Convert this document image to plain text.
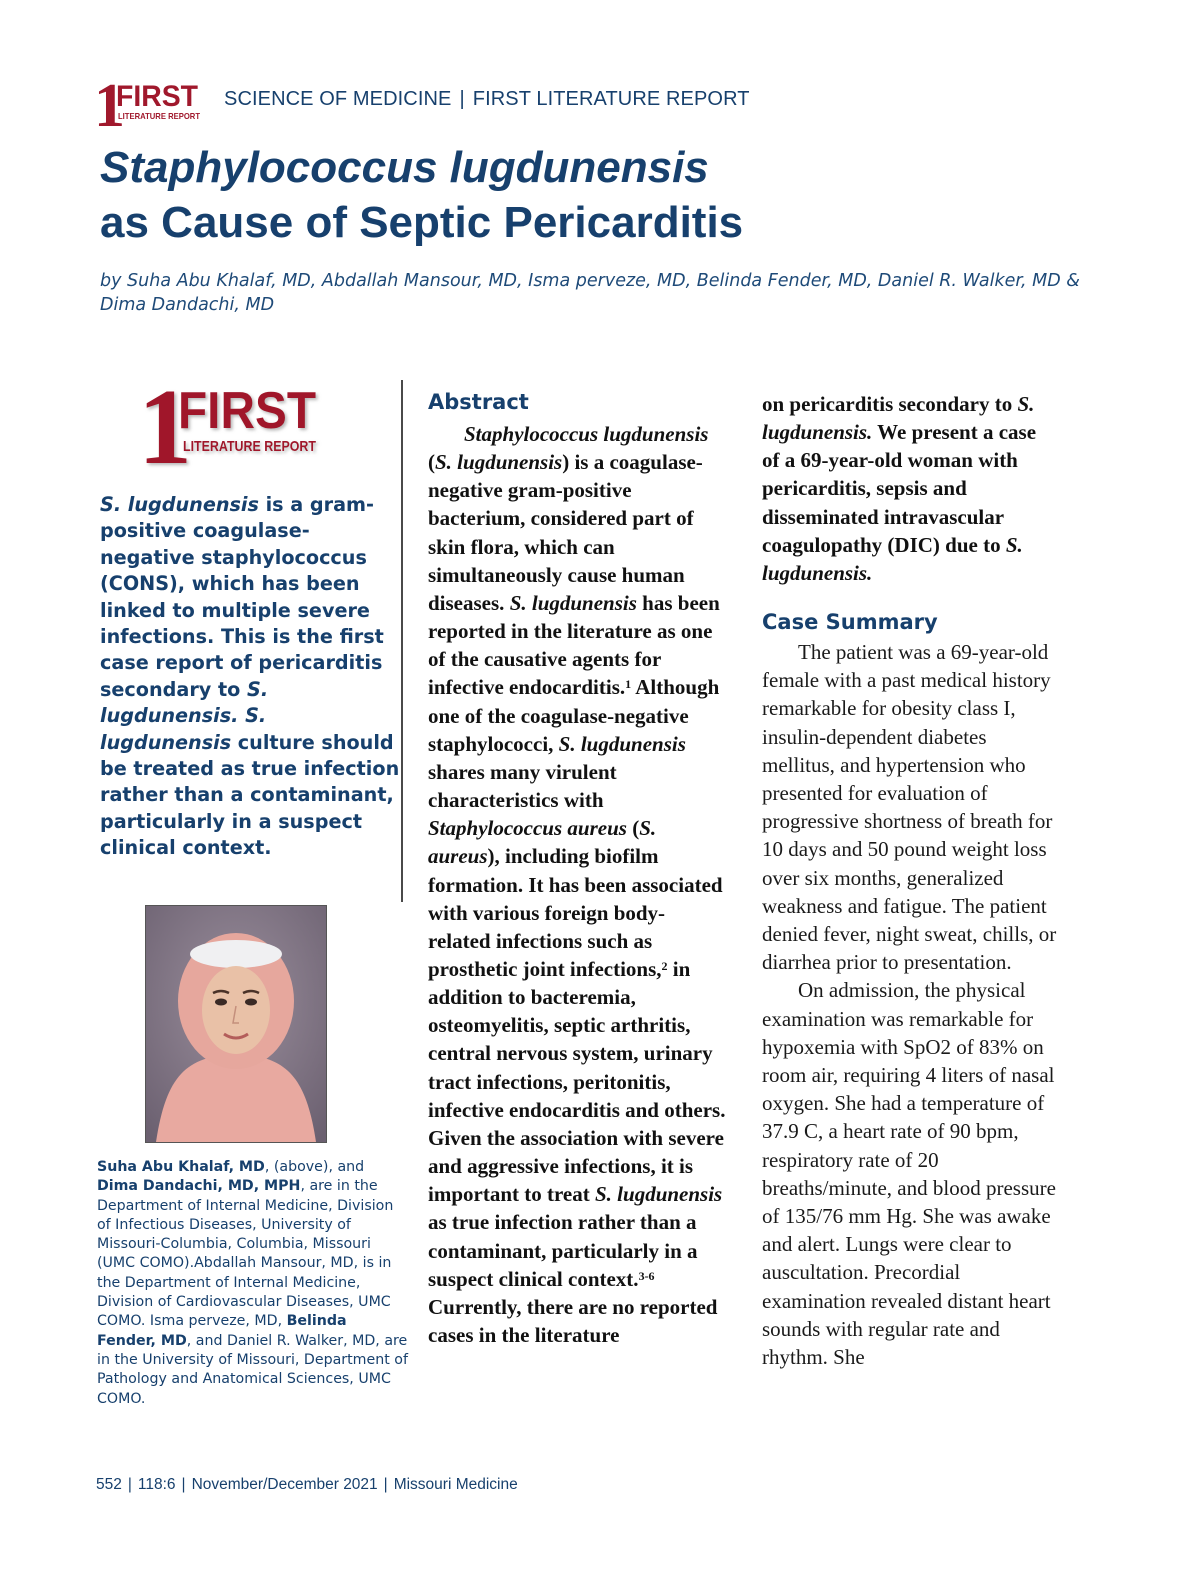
1
FIRST
LITERATURE REPORT
SCIENCE OF MEDICINE | FIRST LITERATURE REPORT
Staphylococcus lugdunensis
as Cause of Septic Pericarditis

by Suha Abu Khalaf, MD, Abdallah Mansour, MD, Isma perveze, MD, Belinda Fender, MD, Daniel R. Walker, MD & Dima Dandachi, MD

1
FIRST
LITERATURE REPORT

S. lugdunensis is a gram-positive coagulase-negative staphylococcus (CONS), which has been linked to multiple severe infections. This is the first case report of pericarditis secondary to S. lugdunensis. S. lugdunensis culture should be treated as true infection rather than a contaminant, particularly in a suspect clinical context.

Suha Abu Khalaf, MD, (above), and Dima Dandachi, MD, MPH, are in the Department of Internal Medicine, Division of Infectious Diseases, University of Missouri-Columbia, Columbia, Missouri (UMC COMO).Abdallah Mansour, MD, is in the Department of Internal Medicine, Division of Cardiovascular Diseases, UMC COMO. Isma perveze, MD, Belinda Fender, MD, and Daniel R. Walker, MD, are in the University of Missouri, Department of Pathology and Anatomical Sciences, UMC COMO.

Abstract

Staphylococcus lugdunensis (S. lugdunensis) is a coagulase-negative gram-positive bacterium, considered part of skin flora, which can simultaneously cause human diseases. S. lugdunensis has been reported in the literature as one of the causative agents for infective endocarditis.$^1$ Although one of the coagulase-negative staphylococci, S. lugdunensis shares many virulent characteristics with Staphylococcus aureus (S. aureus), including biofilm formation. It has been associated with various foreign body-related infections such as prosthetic joint infections,$^2$ in addition to bacteremia, osteomyelitis, septic arthritis, central nervous system, urinary tract infections, peritonitis, infective endocarditis and others. Given the association with severe and aggressive infections, it is important to treat S. lugdunensis as true infection rather than a contaminant, particularly in a suspect clinical context.$^{3-6}$ Currently, there are no reported cases in the literature

on pericarditis secondary to S. lugdunensis. We present a case of a 69-year-old woman with pericarditis, sepsis and disseminated intravascular coagulopathy (DIC) due to S. lugdunensis.

Case Summary
The patient was a 69-year-old female with a past medical history remarkable for obesity class I, insulin-dependent diabetes mellitus, and hypertension who presented for evaluation of progressive shortness of breath for 10 days and 50 pound weight loss over six months, generalized weakness and fatigue. The patient denied fever, night sweat, chills, or diarrhea prior to presentation.
On admission, the physical examination was remarkable for hypoxemia with SpO2 of 83% on room air, requiring 4 liters of nasal oxygen. She had a temperature of 37.9 C, a heart rate of 90 bpm, respiratory rate of 20 breaths/minute, and blood pressure of 135/76 mm Hg. She was awake and alert. Lungs were clear to auscultation. Precordial examination revealed distant heart sounds with regular rate and rhythm. She
552 | 118:6 | November/December 2021 | Missouri Medicine
